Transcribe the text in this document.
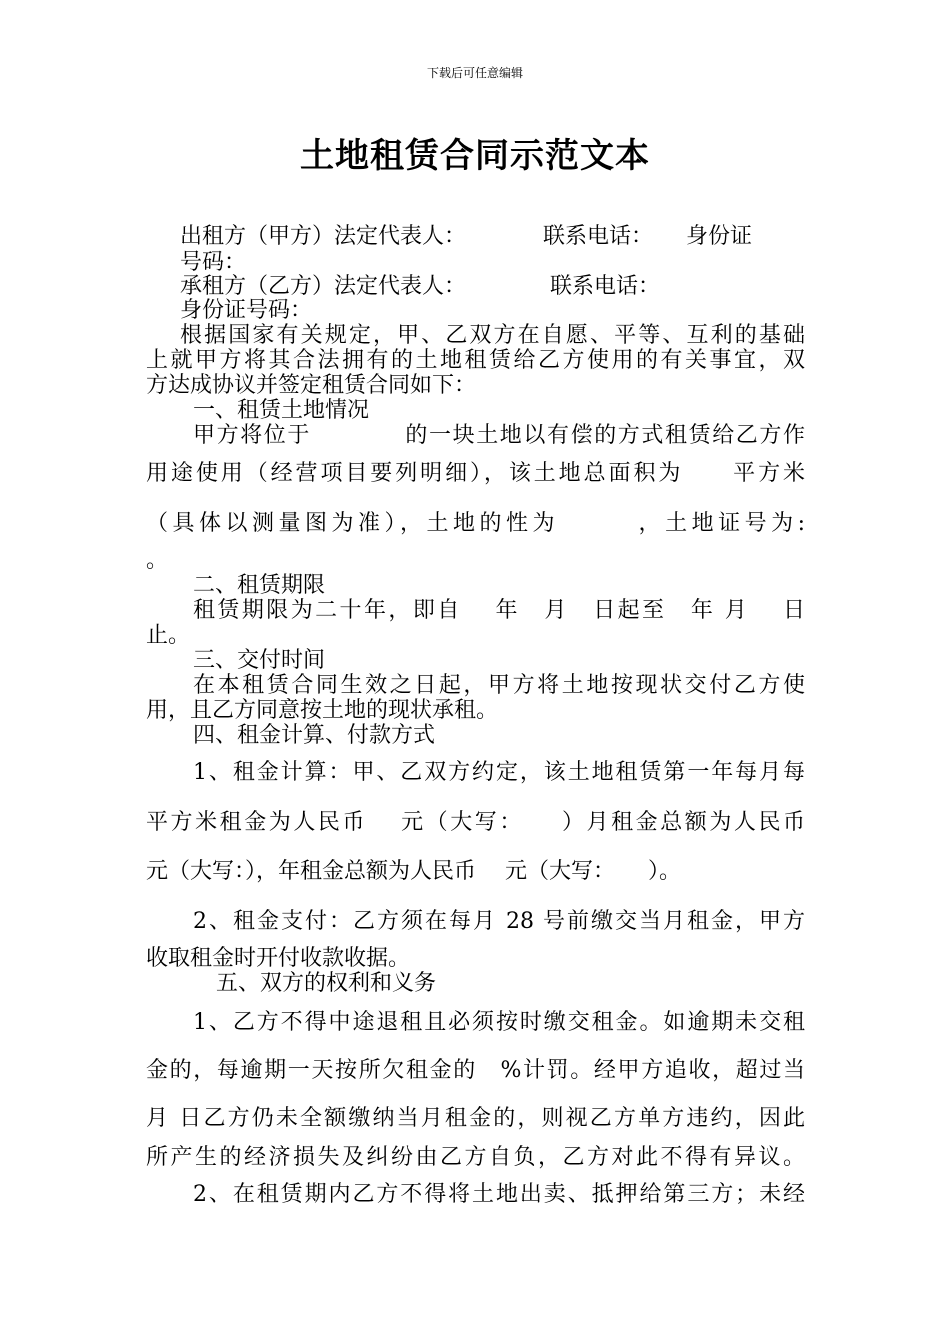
下载后可任意编辑
土地租赁合同示范文本
出租方（甲方）法定代表人：　　　　联系电话：　　身份证
号码：
承租方（乙方）法定代表人：　　　　 联系电话：
身份证号码：
根据国家有关规定，甲、乙双方在自愿、平等、互利的基础
上就甲方将其合法拥有的土地租赁给乙方使用的有关事宜，双
方达成协议并签定租赁合同如下：
一、租赁土地情况
甲方将位于　　　　的一块土地以有偿的方式租赁给乙方作
用途使用（经营项目要列明细），该土地总面积为　　平方米
（具体以测量图为准），土地的性为　　　，土地证号为:
。
二、租赁期限
租赁期限为二十年，即自　 年　月　日起至　年 月　 日
止。
三、交付时间
在本租赁合同生效之日起，甲方将土地按现状交付乙方使
用，且乙方同意按土地的现状承租。
四、租金计算、付款方式
1、租金计算：甲、乙双方约定，该土地租赁第一年每月每
平方米租金为人民币　 元（大写：　　）月租金总额为人民币
元（大写：），年租金总额为人民币　 元（大写：　　）。
2、租金支付：乙方须在每月 28 号前缴交当月租金，甲方
收取租金时开付收款收据。
五、双方的权利和义务
1、乙方不得中途退租且必须按时缴交租金。如逾期未交租
金的，每逾期一天按所欠租金的　%计罚。经甲方追收，超过当
月 日乙方仍未全额缴纳当月租金的，则视乙方单方违约，因此
所产生的经济损失及纠纷由乙方自负，乙方对此不得有异议。
2、在租赁期内乙方不得将土地出卖、抵押给第三方；未经
